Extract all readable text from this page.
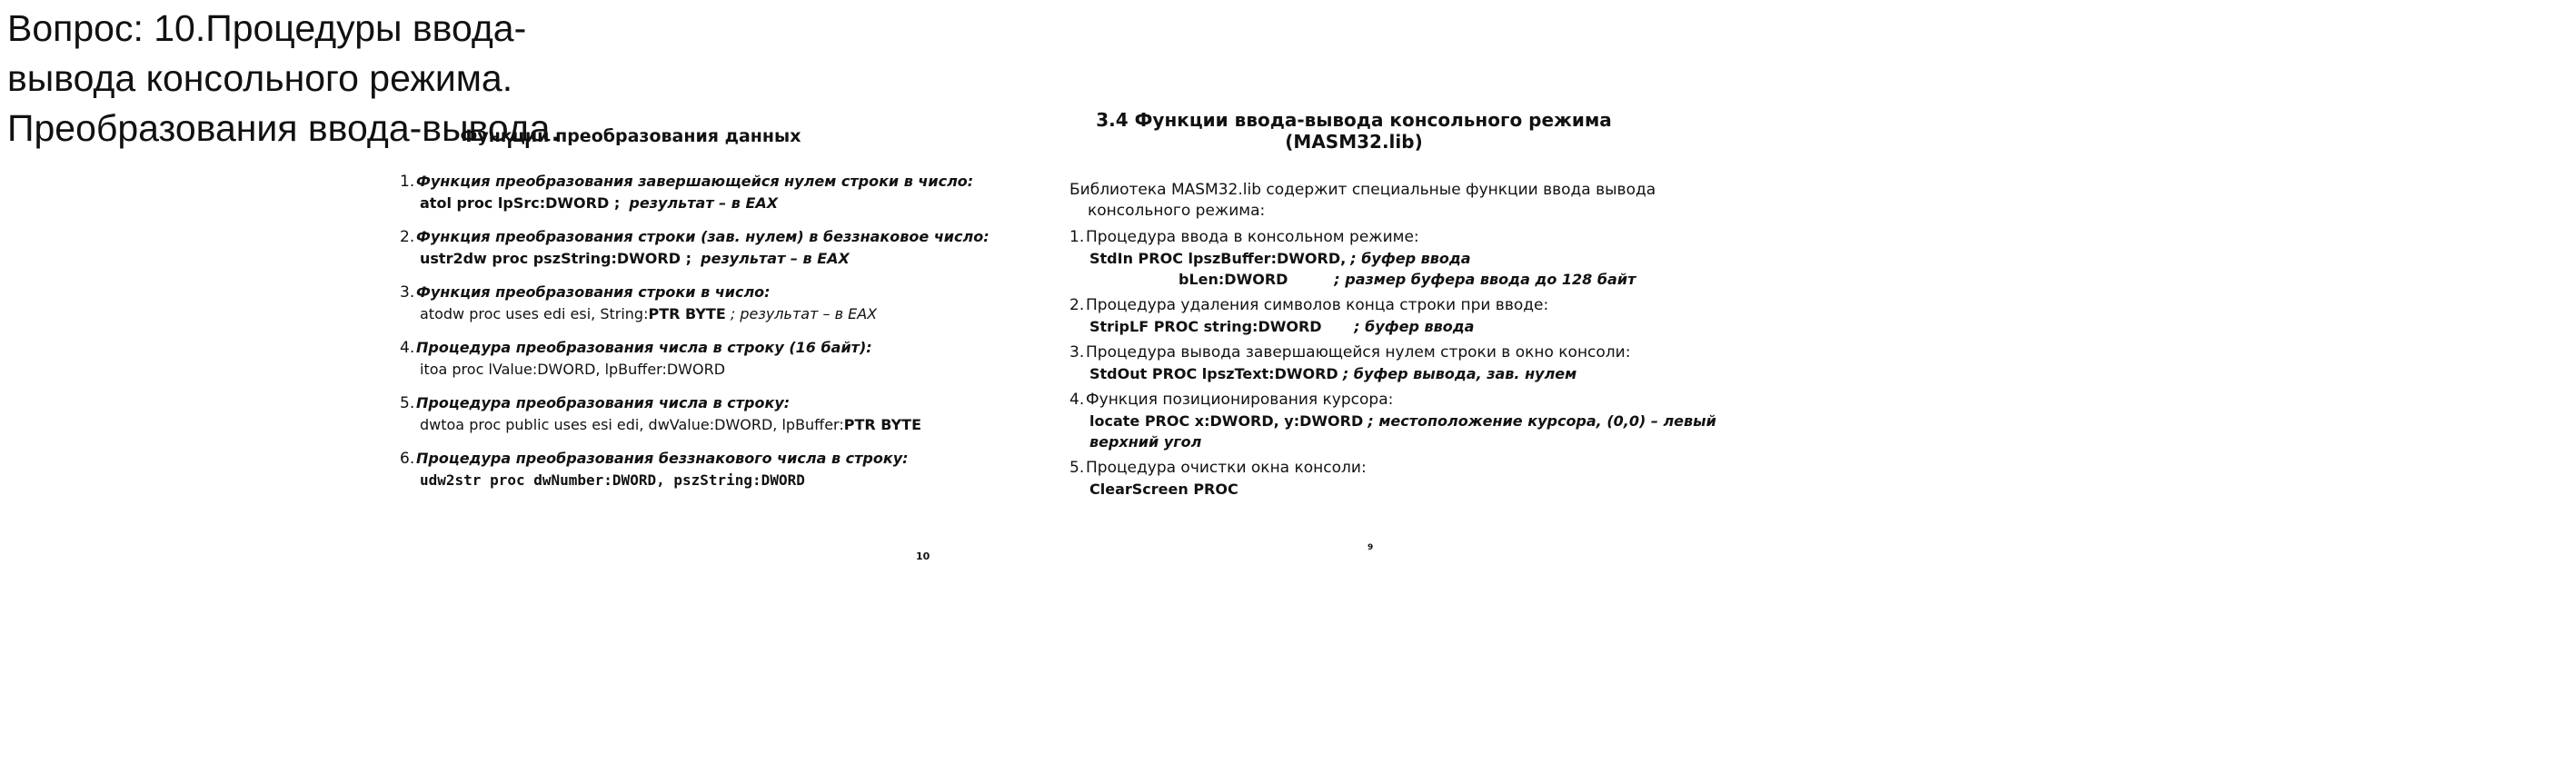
Вопрос: 10.Процедуры ввода-
вывода консольного режима.
Преобразования ввода-вывода.
Функции преобразования данных
1. Функция преобразования завершающейся нулем строки в число:
atol proc lpSrc:DWORD ; результат – в EAX
2. Функция преобразования строки (зав. нулем) в беззнаковое число:
ustr2dw proc pszString:DWORD ; результат – в EAX
3. Функция преобразования строки в число:
atodw proc uses edi esi, String:PTR BYTE ; результат – в EAX
4. Процедура преобразования числа в строку (16 байт):
itoa proc lValue:DWORD, lpBuffer:DWORD
5. Процедура преобразования числа в строку:
dwtoa proc public uses esi edi, dwValue:DWORD, lpBuffer:PTR BYTE
6. Процедура преобразования беззнакового числа в строку:
udw2str proc dwNumber:DWORD, pszString:DWORD
10
3.4 Функции ввода-вывода консольного режима
(MASM32.lib)
Библиотека MASM32.lib содержит специальные функции ввода вывода
консольного режима:
1. Процедура ввода в консольном режиме:
StdIn PROC lpszBuffer:DWORD, ; буфер ввода
bLen:DWORD	; размер буфера ввода до 128 байт
2. Процедура удаления символов конца строки при вводе:
StripLF PROC string:DWORD ; буфер ввода
3. Процедура вывода завершающейся нулем строки в окно консоли:
StdOut PROC lpszText:DWORD ; буфер вывода, зав. нулем
4. Функция позиционирования курсора:
locate PROC x:DWORD, y:DWORD ; местоположение курсора, (0,0) – левый
верхний угол
5. Процедура очистки окна консоли:
ClearScreen PROC
9
